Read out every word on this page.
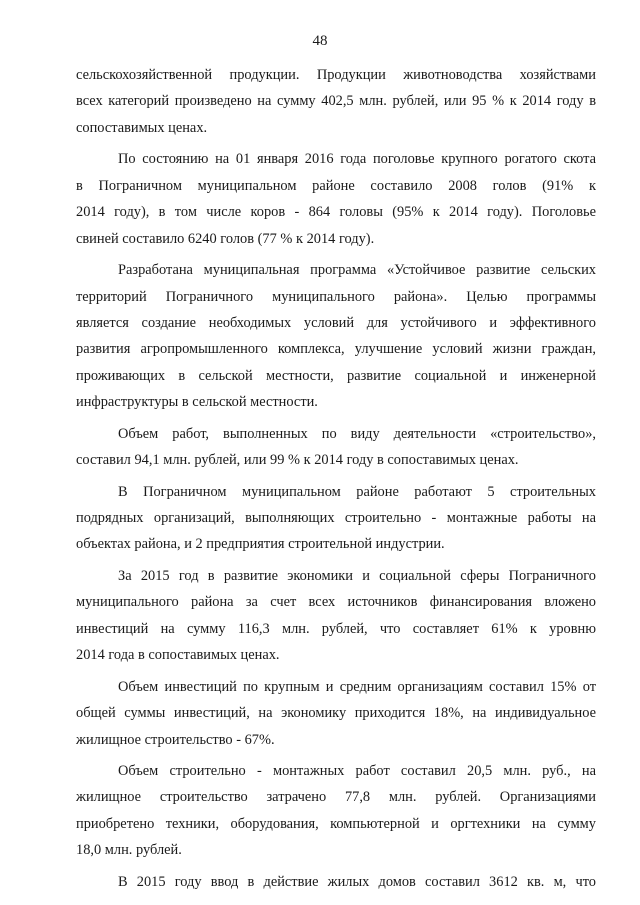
48

сельскохозяйственной продукции. Продукции животноводства хозяйствами
всех категорий произведено на сумму 402,5 млн. рублей, или 95 % к 2014 году в
сопоставимых ценах.

По состоянию на 01 января 2016 года поголовье крупного рогатого скота
в Пограничном муниципальном районе составило 2008 голов (91% к
2014 году), в том числе коров - 864 головы (95% к 2014 году). Поголовье
свиней составило 6240 голов (77 % к 2014 году).

Разработана муниципальная программа «Устойчивое развитие сельских
территорий Пограничного муниципального района». Целью программы
является создание необходимых условий для устойчивого и эффективного
развития агропромышленного комплекса, улучшение условий жизни граждан,
проживающих в сельской местности, развитие социальной и инженерной
инфраструктуры в сельской местности.

Объем работ, выполненных по виду деятельности «строительство»,
составил 94,1 млн. рублей, или 99 % к 2014 году в сопоставимых ценах.

В Пограничном муниципальном районе работают 5 строительных
подрядных организаций, выполняющих строительно - монтажные работы на
объектах района, и 2 предприятия строительной индустрии.

За 2015 год в развитие экономики и социальной сферы Пограничного
муниципального района за счет всех источников финансирования вложено
инвестиций на сумму 116,3 млн. рублей, что составляет 61% к уровню
2014 года в сопоставимых ценах.

Объем инвестиций по крупным и средним организациям составил 15% от
общей суммы инвестиций, на экономику приходится 18%, на индивидуальное
жилищное строительство - 67%.

Объем строительно - монтажных работ составил 20,5 млн. руб., на
жилищное строительство затрачено 77,8 млн. рублей. Организациями
приобретено техники, оборудования, компьютерной и оргтехники на сумму
18,0 млн. рублей.

В 2015 году ввод в действие жилых домов составил 3612 кв. м, что
